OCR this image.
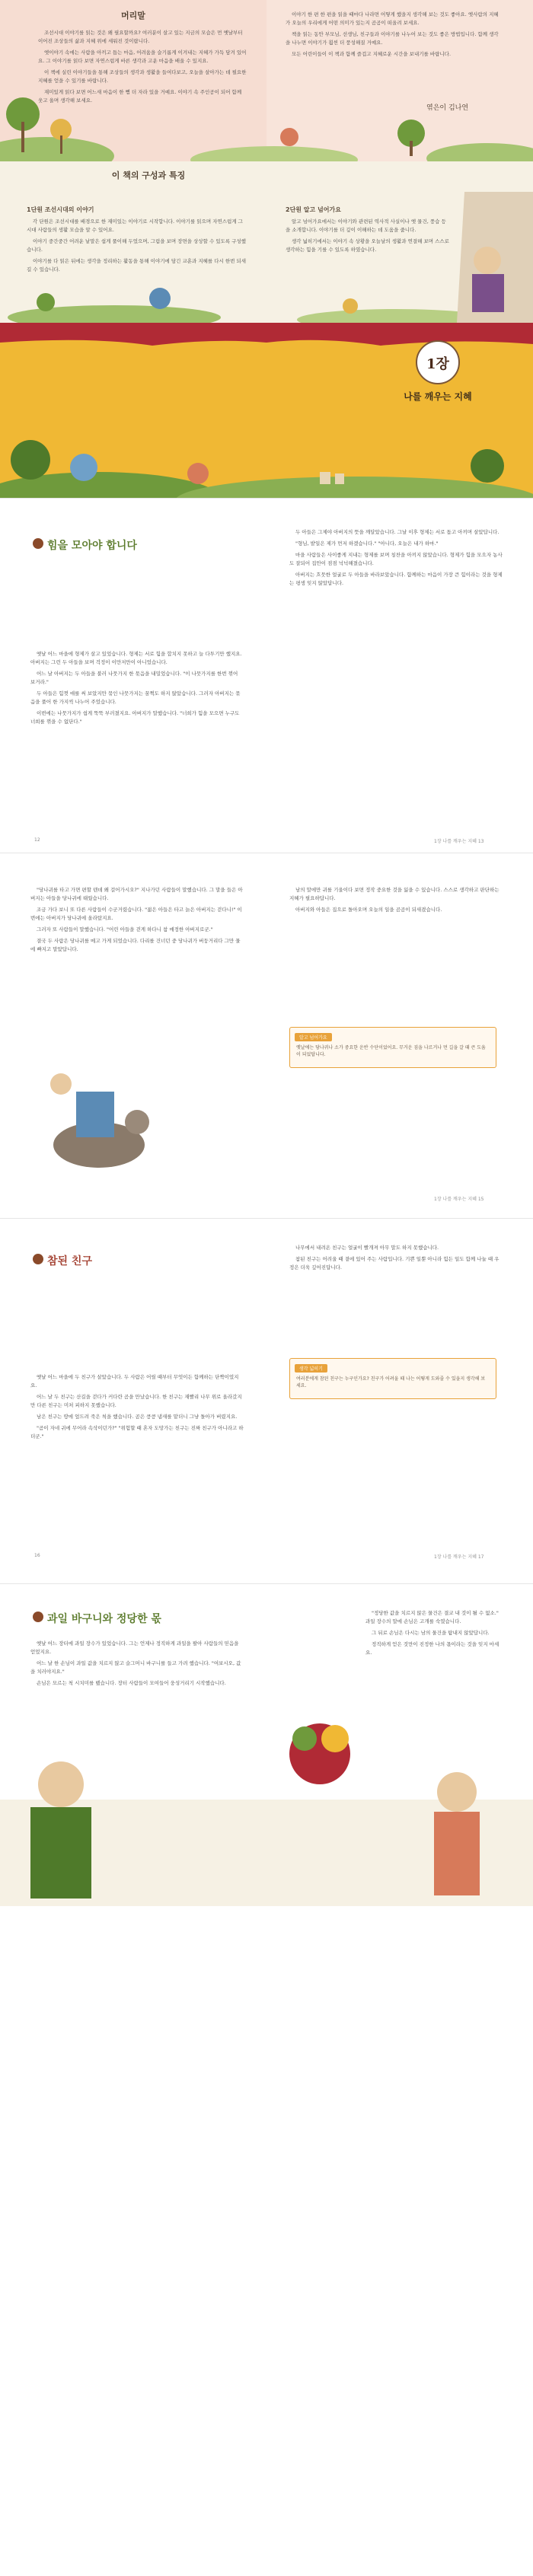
머리말

조선시대 이야기를 읽는 것은 왜 필요할까요? 여러분이 살고 있는 지금의 모습은 먼 옛날부터 이어진 조상들의 삶과 지혜 위에 세워진 것이랍니다.

옛이야기 속에는 사람을 아끼고 돕는 마음, 어려움을 슬기롭게 이겨내는 지혜가 가득 담겨 있어요. 그 이야기를 읽다 보면 자연스럽게 바른 생각과 고운 마음을 배울 수 있지요.

이 책에 실린 이야기들을 통해 조상들의 생각과 생활을 들여다보고, 오늘을 살아가는 데 필요한 지혜를 얻을 수 있기를 바랍니다.

재미있게 읽다 보면 어느새 마음이 한 뼘 더 자라 있을 거예요. 이야기 속 주인공이 되어 함께 웃고 울며 생각해 보세요.

이야기 한 편 한 편을 읽을 때마다 나라면 어떻게 했을지 생각해 보는 것도 좋아요. 옛사람의 지혜가 오늘의 우리에게 어떤 의미가 있는지 곰곰이 떠올려 보세요.

책을 읽는 동안 부모님, 선생님, 친구들과 이야기를 나누어 보는 것도 좋은 방법입니다. 함께 생각을 나누면 이야기가 훨씬 더 풍성해질 거예요.

모든 어린이들이 이 책과 함께 즐겁고 지혜로운 시간을 보내기를 바랍니다.

엮은이 김나연
이 책의 구성과 특징
1단원 조선시대의 이야기

각 단원은 조선시대를 배경으로 한 재미있는 이야기로 시작합니다. 이야기를 읽으며 자연스럽게 그 시대 사람들의 생활 모습을 알 수 있어요.

이야기 중간중간 어려운 낱말은 쉽게 풀이해 두었으며, 그림을 보며 장면을 상상할 수 있도록 구성했습니다.

이야기를 다 읽은 뒤에는 생각을 정리하는 활동을 통해 이야기에 담긴 교훈과 지혜를 다시 한번 되새길 수 있습니다.

2단원 알고 넘어가요

알고 넘어가요에서는 이야기와 관련된 역사적 사실이나 옛 물건, 풍습 등을 소개합니다. 이야기를 더 깊이 이해하는 데 도움을 줍니다.

생각 넓히기에서는 이야기 속 상황을 오늘날의 생활과 연결해 보며 스스로 생각하는 힘을 기를 수 있도록 하였습니다.

1장
나를 깨우는 지혜
힘을 모아야 합니다

옛날 어느 마을에 형제가 살고 있었습니다. 형제는 서로 힘을 합치지 못하고 늘 다투기만 했지요. 아버지는 그런 두 아들을 보며 걱정이 이만저만이 아니었습니다.

어느 날 아버지는 두 아들을 불러 나뭇가지 한 묶음을 내밀었습니다. "이 나뭇가지를 한번 꺾어 보거라."

두 아들은 힘껏 애를 써 보았지만 묶인 나뭇가지는 꿈쩍도 하지 않았습니다. 그러자 아버지는 묶음을 풀어 한 가지씩 나누어 주었습니다.

이번에는 나뭇가지가 쉽게 뚝뚝 부러졌지요. 아버지가 말했습니다. "너희가 힘을 모으면 누구도 너희를 꺾을 수 없단다."

두 아들은 그제야 아버지의 뜻을 깨달았습니다. 그날 이후 형제는 서로 돕고 아끼며 살았답니다.

"형님, 밭일은 제가 먼저 하겠습니다." "아니다, 오늘은 내가 하마."

마을 사람들은 사이좋게 지내는 형제를 보며 칭찬을 아끼지 않았습니다. 형제가 힘을 모으자 농사도 잘되어 집안이 점점 넉넉해졌습니다.

아버지는 흐뭇한 얼굴로 두 아들을 바라보았습니다. 함께하는 마음이 가장 큰 힘이라는 것을 형제는 평생 잊지 않았답니다.

12	1장 나를 깨우는 지혜 13

"당나귀를 타고 가면 편할 텐데 왜 걸어가시오?" 지나가던 사람들이 말했습니다. 그 말을 들은 아버지는 아들을 당나귀에 태웠습니다.

조금 가다 보니 또 다른 사람들이 수군거렸습니다. "젊은 아들은 타고 늙은 아버지는 걷다니!" 이번에는 아버지가 당나귀에 올라탔지요.

그러자 또 사람들이 말했습니다. "어린 아들을 걷게 하다니 참 매정한 아버지로군."

결국 두 사람은 당나귀를 메고 가게 되었습니다. 다리를 건너던 중 당나귀가 버둥거리다 그만 물에 빠지고 말았답니다.

남의 말에만 귀를 기울이다 보면 정작 중요한 것을 잃을 수 있습니다. 스스로 생각하고 판단하는 지혜가 필요하답니다.

아버지와 아들은 집으로 돌아오며 오늘의 일을 곰곰이 되새겼습니다.

알고 넘어가요
옛날에는 당나귀나 소가 중요한 운반 수단이었어요. 무거운 짐을 나르거나 먼 길을 갈 때 큰 도움이 되었답니다.
1장 나를 깨우는 지혜 15
참된 친구

옛날 어느 마을에 두 친구가 살았습니다. 두 사람은 어릴 때부터 무엇이든 함께하는 단짝이었지요.

어느 날 두 친구는 산길을 걷다가 커다란 곰을 만났습니다. 한 친구는 재빨리 나무 위로 올라갔지만 다른 친구는 미처 피하지 못했습니다.

남은 친구는 땅에 엎드려 죽은 척을 했습니다. 곰은 킁킁 냄새를 맡더니 그냥 돌아가 버렸지요.

"곰이 자네 귀에 무어라 속삭이던가?" "위험할 때 혼자 도망가는 친구는 진짜 친구가 아니라고 하더군."

나무에서 내려온 친구는 얼굴이 빨개져 아무 말도 하지 못했습니다.

참된 친구는 어려울 때 곁에 있어 주는 사람입니다. 기쁜 일뿐 아니라 힘든 일도 함께 나눌 때 우정은 더욱 깊어진답니다.

생각 넓히기
여러분에게 참된 친구는 누구인가요? 친구가 어려울 때 나는 어떻게 도와줄 수 있을지 생각해 보세요.
16	1장 나를 깨우는 지혜 17
과일 바구니와 정당한 몫

옛날 어느 장터에 과일 장수가 있었습니다. 그는 언제나 정직하게 과일을 팔아 사람들의 믿음을 얻었지요.

어느 날 한 손님이 과일 값을 치르지 않고 슬그머니 바구니를 들고 가려 했습니다. "여보시오, 값을 치러야지요."

손님은 모르는 척 시치미를 뗐습니다. 장터 사람들이 모여들어 웅성거리기 시작했습니다.

"정당한 값을 치르지 않은 물건은 결코 내 것이 될 수 없소." 과일 장수의 말에 손님은 고개를 숙였습니다.

그 뒤로 손님은 다시는 남의 물건을 탐내지 않았답니다.

정직하게 얻은 것만이 진정한 나의 몫이라는 것을 잊지 마세요.
